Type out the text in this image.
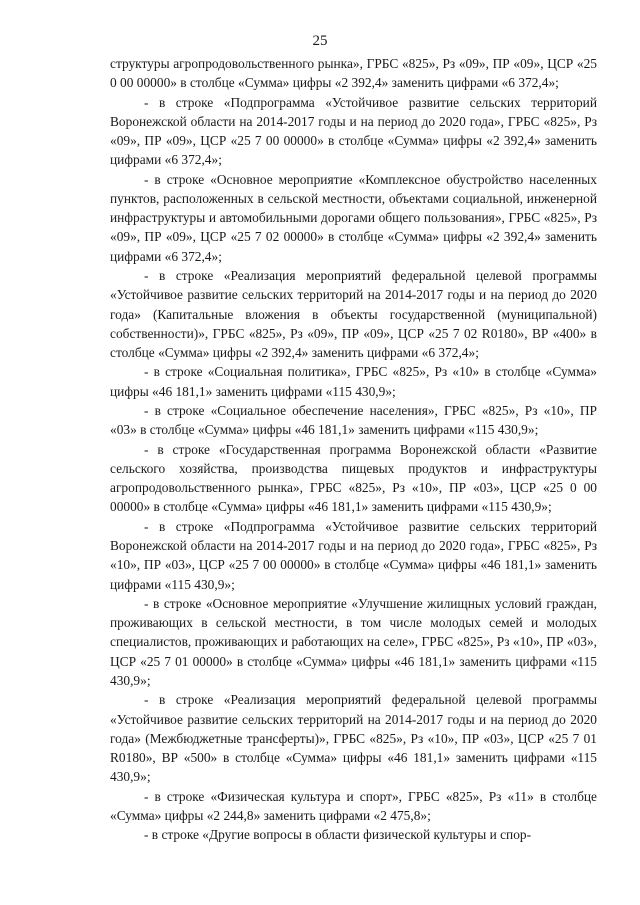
25

структуры агропродовольственного рынка», ГРБС «825», Рз «09», ПР «09», ЦСР «25 0 00 00000» в столбце «Сумма» цифры «2 392,4» заменить цифрами «6 372,4»;

- в строке «Подпрограмма «Устойчивое развитие сельских территорий Воронежской области на 2014-2017 годы и на период до 2020 года», ГРБС «825», Рз «09», ПР «09», ЦСР «25 7 00 00000» в столбце «Сумма» цифры «2 392,4» заменить цифрами «6 372,4»;

- в строке «Основное мероприятие «Комплексное обустройство населенных пунктов, расположенных в сельской местности, объектами социальной, инженерной инфраструктуры и автомобильными дорогами общего пользования», ГРБС «825», Рз «09», ПР «09», ЦСР «25 7 02 00000» в столбце «Сумма» цифры «2 392,4» заменить цифрами «6 372,4»;

- в строке «Реализация мероприятий федеральной целевой программы «Устойчивое развитие сельских территорий на 2014-2017 годы и на период до 2020 года» (Капитальные вложения в объекты государственной (муниципальной) собственности)», ГРБС «825», Рз «09», ПР «09», ЦСР «25 7 02 R0180», ВР «400» в столбце «Сумма» цифры «2 392,4» заменить цифрами «6 372,4»;

- в строке «Социальная политика», ГРБС «825», Рз «10» в столбце «Сумма» цифры «46 181,1» заменить цифрами «115 430,9»;

- в строке «Социальное обеспечение населения», ГРБС «825», Рз «10», ПР «03» в столбце «Сумма» цифры «46 181,1» заменить цифрами «115 430,9»;

- в строке «Государственная программа Воронежской области «Развитие сельского хозяйства, производства пищевых продуктов и инфраструктуры агропродовольственного рынка», ГРБС «825», Рз «10», ПР «03», ЦСР «25 0 00 00000» в столбце «Сумма» цифры «46 181,1» заменить цифрами «115 430,9»;

- в строке «Подпрограмма «Устойчивое развитие сельских территорий Воронежской области на 2014-2017 годы и на период до 2020 года», ГРБС «825», Рз «10», ПР «03», ЦСР «25 7 00 00000» в столбце «Сумма» цифры «46 181,1» заменить цифрами «115 430,9»;

- в строке «Основное мероприятие «Улучшение жилищных условий граждан, проживающих в сельской местности, в том числе молодых семей и молодых специалистов, проживающих и работающих на селе», ГРБС «825», Рз «10», ПР «03», ЦСР «25 7 01 00000» в столбце «Сумма» цифры «46 181,1» заменить цифрами «115 430,9»;

- в строке «Реализация мероприятий федеральной целевой программы «Устойчивое развитие сельских территорий на 2014-2017 годы и на период до 2020 года» (Межбюджетные трансферты)», ГРБС «825», Рз «10», ПР «03», ЦСР «25 7 01 R0180», ВР «500» в столбце «Сумма» цифры «46 181,1» заменить цифрами «115 430,9»;

- в строке «Физическая культура и спорт», ГРБС «825», Рз «11» в столбце «Сумма» цифры «2 244,8» заменить цифрами «2 475,8»;

- в строке «Другие вопросы в области физической культуры и спор-
